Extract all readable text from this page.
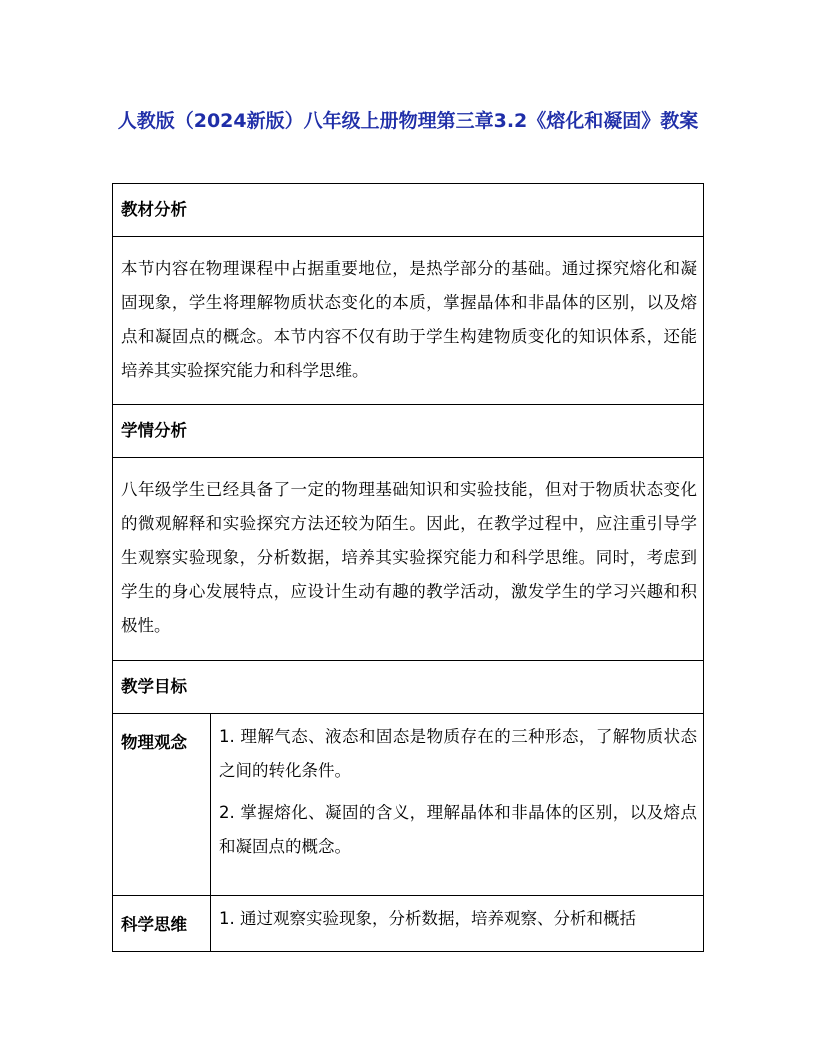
人教版（2024新版）八年级上册物理第三章3.2《熔化和凝固》教案
教材分析	
本节内容在物理课程中占据重要地位，是热学部分的基础。通过探究熔化和凝固现象，学生将理解物质状态变化的本质，掌握晶体和非晶体的区别，以及熔点和凝固点的概念。本节内容不仅有助于学生构建物质变化的知识体系，还能培养其实验探究能力和科学思维。	
学情分析	
八年级学生已经具备了一定的物理基础知识和实验技能，但对于物质状态变化的微观解释和实验探究方法还较为陌生。因此，在教学过程中，应注重引导学生观察实验现象，分析数据，培养其实验探究能力和科学思维。同时，考虑到学生的身心发展特点，应设计生动有趣的教学活动，激发学生的学习兴趣和积极性。	
教学目标	
物理观念	1. 理解气态、液态和固态是物质存在的三种形态，了解物质状态之间的转化条件。

2. 掌握熔化、凝固的含义，理解晶体和非晶体的区别，以及熔点和凝固点的概念。

科学思维	1. 通过观察实验现象，分析数据，培养观察、分析和概括
